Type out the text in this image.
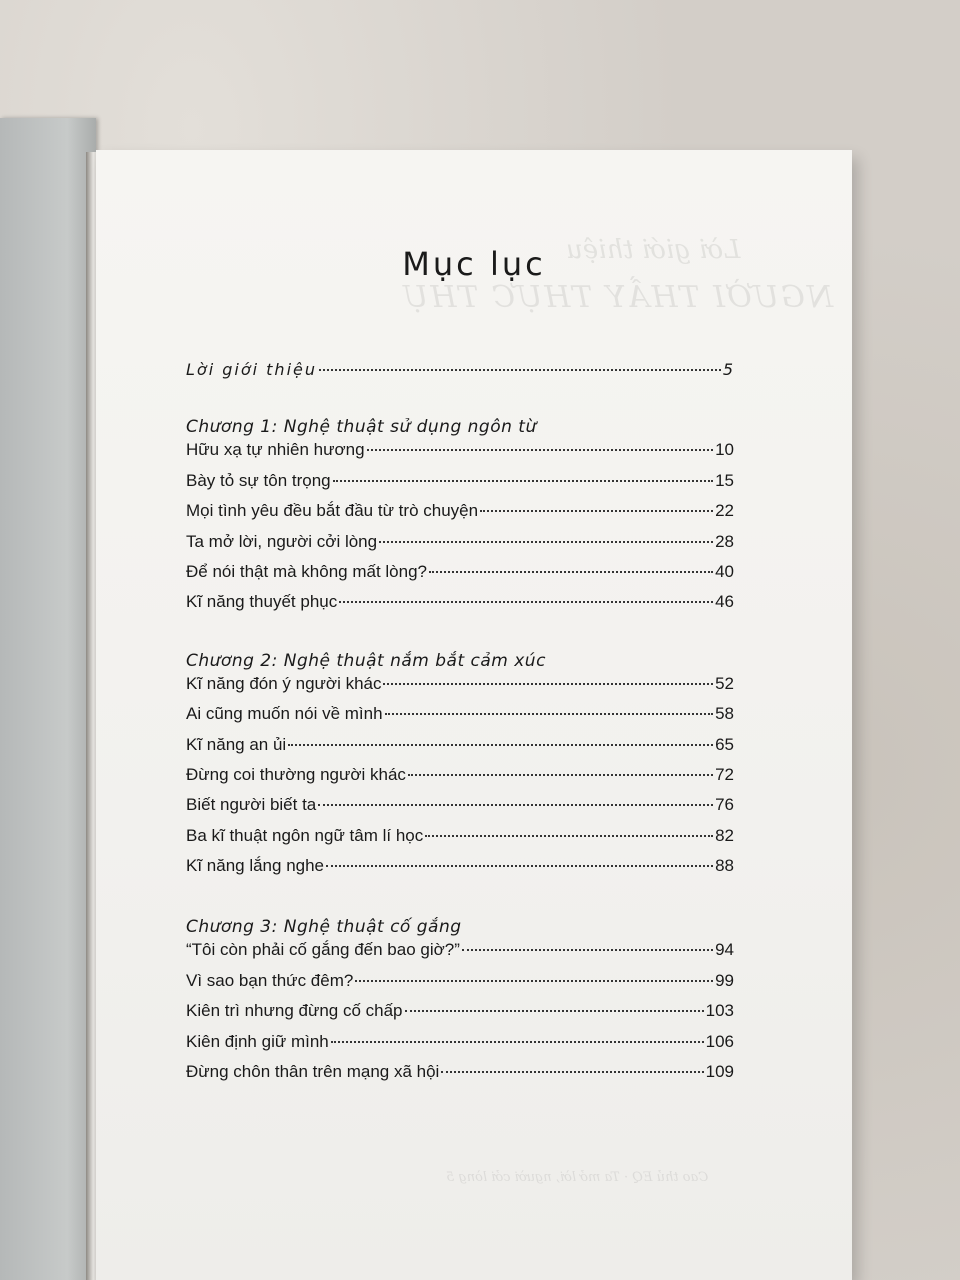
Lời giới thiệu
NGƯỜI THẦY THỰC THỤ
Cao thủ EQ · Ta mở lời, người cởi lòng 5
Mục lục
Lời giới thiệu	5
Chương 1: Nghệ thuật sử dụng ngôn từ
Hữu xạ tự nhiên hương	10
Bày tỏ sự tôn trọng	15
Mọi tình yêu đều bắt đầu từ trò chuyện	22
Ta mở lời, người cởi lòng	28
Để nói thật mà không mất lòng?	40
Kĩ năng thuyết phục	46
Chương 2: Nghệ thuật nắm bắt cảm xúc
Kĩ năng đón ý người khác	52
Ai cũng muốn nói về mình	58
Kĩ năng an ủi	65
Đừng coi thường người khác	72
Biết người biết ta	76
Ba kĩ thuật ngôn ngữ tâm lí học	82
Kĩ năng lắng nghe	88
Chương 3: Nghệ thuật cố gắng
“Tôi còn phải cố gắng đến bao giờ?”	94
Vì sao bạn thức đêm?	99
Kiên trì nhưng đừng cố chấp	103
Kiên định giữ mình	106
Đừng chôn thân trên mạng xã hội	109
